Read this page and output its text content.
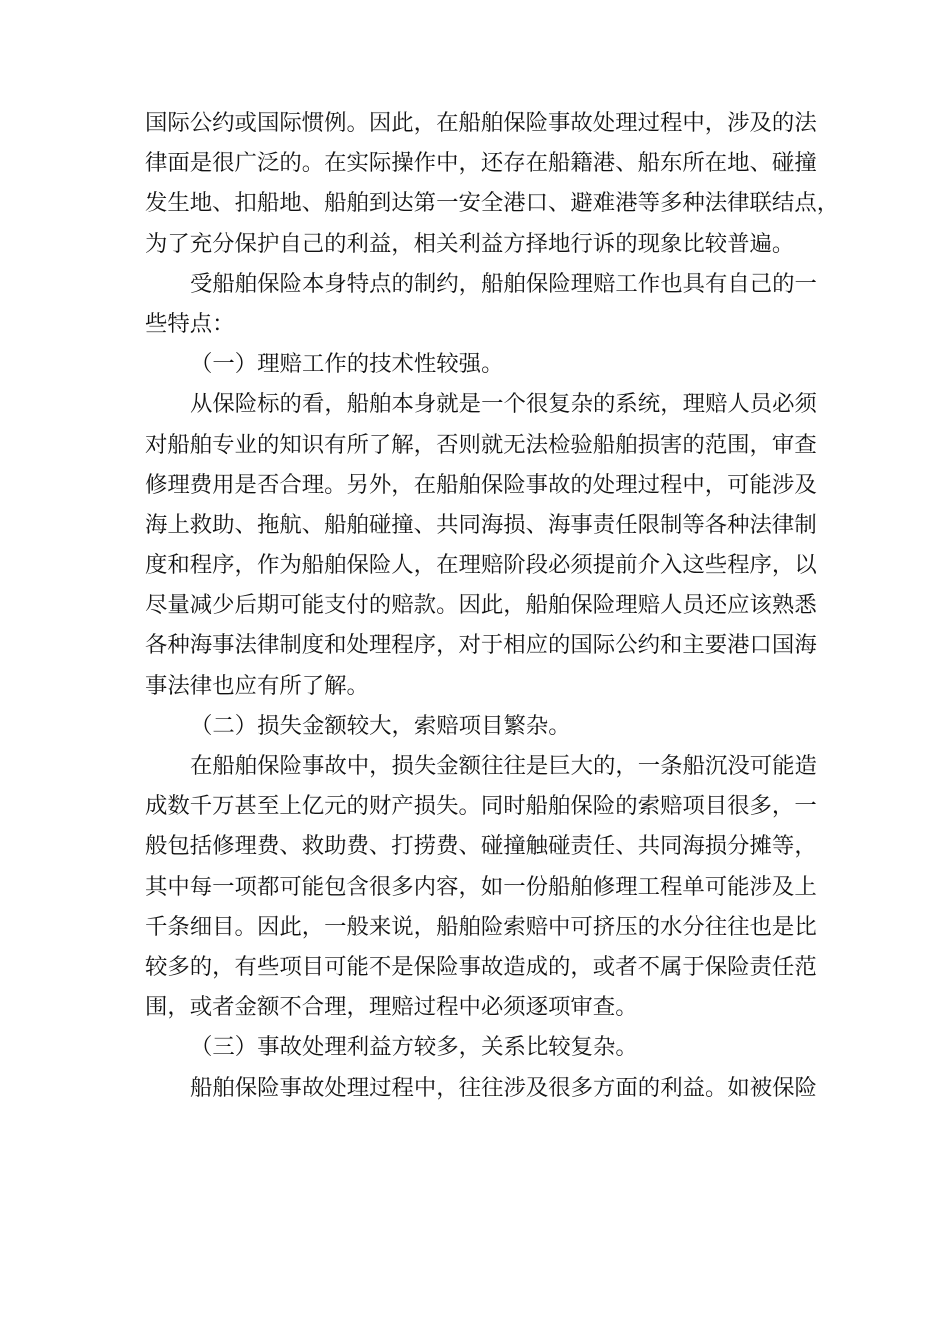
国际公约或国际惯例。因此，在船舶保险事故处理过程中，涉及的法
律面是很广泛的。在实际操作中，还存在船籍港、船东所在地、碰撞
发生地、扣船地、船舶到达第一安全港口、避难港等多种法律联结点，
为了充分保护自己的利益，相关利益方择地行诉的现象比较普遍。
受船舶保险本身特点的制约，船舶保险理赔工作也具有自己的一
些特点：
（一）理赔工作的技术性较强。
从保险标的看，船舶本身就是一个很复杂的系统，理赔人员必须
对船舶专业的知识有所了解，否则就无法检验船舶损害的范围，审查
修理费用是否合理。另外，在船舶保险事故的处理过程中，可能涉及
海上救助、拖航、船舶碰撞、共同海损、海事责任限制等各种法律制
度和程序，作为船舶保险人，在理赔阶段必须提前介入这些程序，以
尽量减少后期可能支付的赔款。因此，船舶保险理赔人员还应该熟悉
各种海事法律制度和处理程序，对于相应的国际公约和主要港口国海
事法律也应有所了解。
（二）损失金额较大，索赔项目繁杂。
在船舶保险事故中，损失金额往往是巨大的，一条船沉没可能造
成数千万甚至上亿元的财产损失。同时船舶保险的索赔项目很多，一
般包括修理费、救助费、打捞费、碰撞触碰责任、共同海损分摊等，
其中每一项都可能包含很多内容，如一份船舶修理工程单可能涉及上
千条细目。因此，一般来说，船舶险索赔中可挤压的水分往往也是比
较多的，有些项目可能不是保险事故造成的，或者不属于保险责任范
围，或者金额不合理，理赔过程中必须逐项审查。
（三）事故处理利益方较多，关系比较复杂。
船舶保险事故处理过程中，往往涉及很多方面的利益。如被保险
